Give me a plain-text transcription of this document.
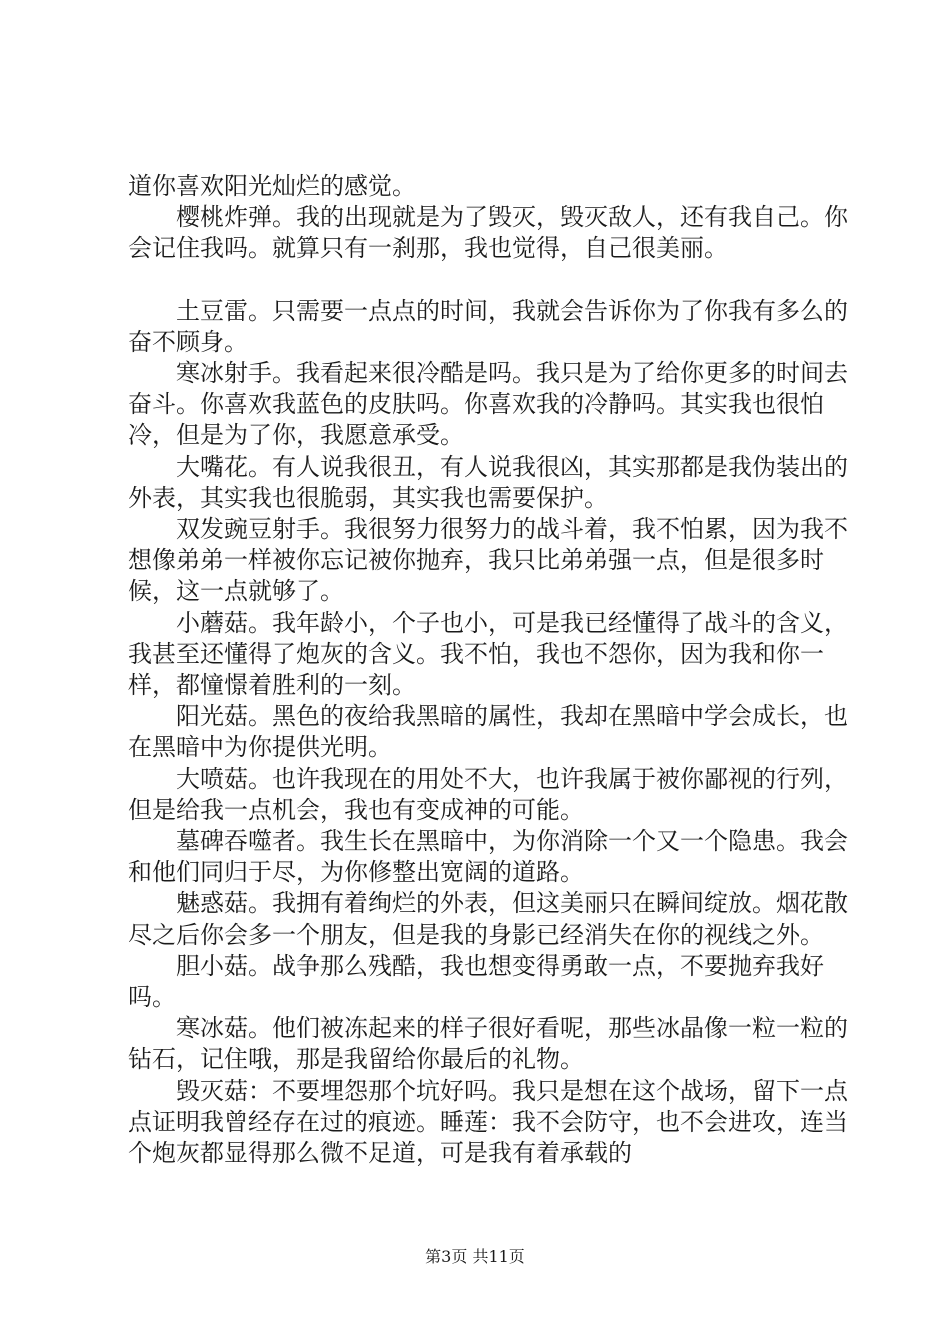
道你喜欢阳光灿烂的感觉。

樱桃炸弹。我的出现就是为了毁灭，毁灭敌人，还有我自己。你会记住我吗。就算只有一刹那，我也觉得，自己很美丽。

土豆雷。只需要一点点的时间，我就会告诉你为了你我有多么的奋不顾身。

寒冰射手。我看起来很冷酷是吗。我只是为了给你更多的时间去奋斗。你喜欢我蓝色的皮肤吗。你喜欢我的冷静吗。其实我也很怕冷，但是为了你，我愿意承受。

大嘴花。有人说我很丑，有人说我很凶，其实那都是我伪装出的外表，其实我也很脆弱，其实我也需要保护。

双发豌豆射手。我很努力很努力的战斗着，我不怕累，因为我不想像弟弟一样被你忘记被你抛弃，我只比弟弟强一点，但是很多时候，这一点就够了。

小蘑菇。我年龄小，个子也小，可是我已经懂得了战斗的含义，我甚至还懂得了炮灰的含义。我不怕，我也不怨你，因为我和你一样，都憧憬着胜利的一刻。

阳光菇。黑色的夜给我黑暗的属性，我却在黑暗中学会成长，也在黑暗中为你提供光明。

大喷菇。也许我现在的用处不大，也许我属于被你鄙视的行列，但是给我一点机会，我也有变成神的可能。

墓碑吞噬者。我生长在黑暗中，为你消除一个又一个隐患。我会和他们同归于尽，为你修整出宽阔的道路。

魅惑菇。我拥有着绚烂的外表，但这美丽只在瞬间绽放。烟花散尽之后你会多一个朋友，但是我的身影已经消失在你的视线之外。

胆小菇。战争那么残酷，我也想变得勇敢一点，不要抛弃我好吗。

寒冰菇。他们被冻起来的样子很好看呢，那些冰晶像一粒一粒的钻石，记住哦，那是我留给你最后的礼物。

毁灭菇：不要埋怨那个坑好吗。我只是想在这个战场，留下一点点证明我曾经存在过的痕迹。睡莲：我不会防守，也不会进攻，连当个炮灰都显得那么微不足道，可是我有着承载的

第3页 共11页
